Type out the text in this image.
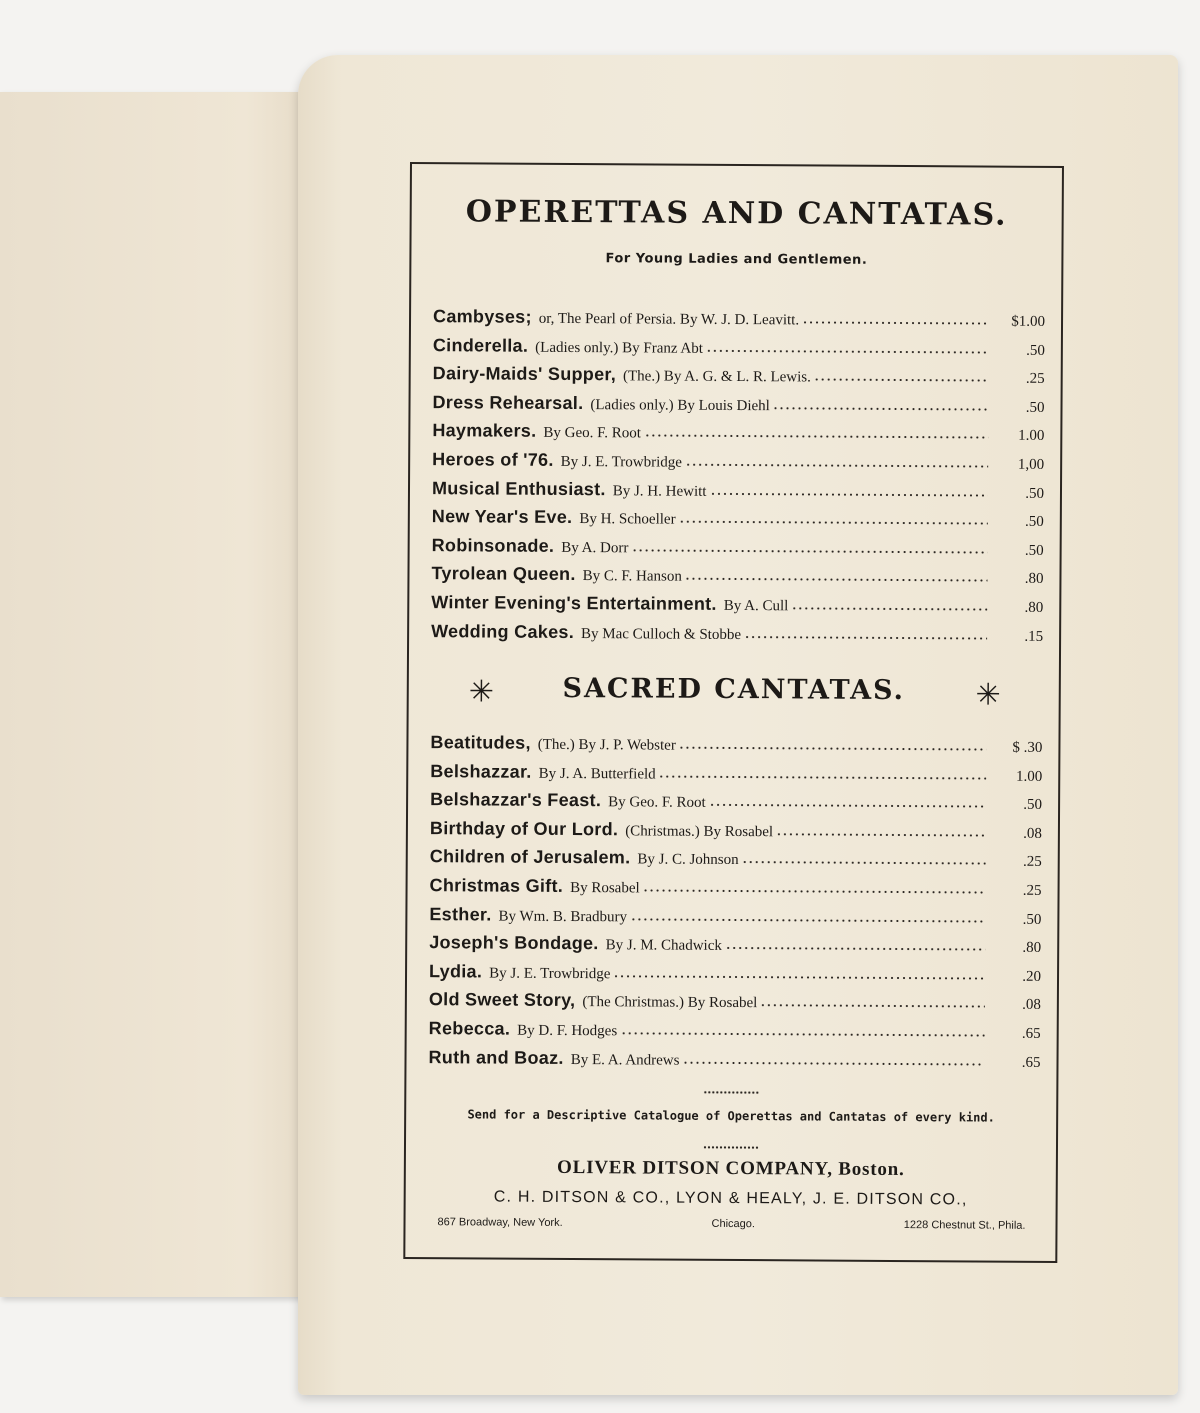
OPERETTAS AND CANTATAS.
For Young Ladies and Gentlemen.
Cambyses; or, The Pearl of Persia. By W. J. D. Leavitt.	$1.00
Cinderella. (Ladies only.) By Franz Abt	.50
Dairy-Maids' Supper, (The.) By A. G. & L. R. Lewis.	.25
Dress Rehearsal. (Ladies only.) By Louis Diehl	.50
Haymakers. By Geo. F. Root	1.00
Heroes of '76. By J. E. Trowbridge	1,00
Musical Enthusiast. By J. H. Hewitt	.50
New Year's Eve. By H. Schoeller	.50
Robinsonade. By A. Dorr	.50
Tyrolean Queen. By C. F. Hanson	.80
Winter Evening's Entertainment. By A. Cull	.80
Wedding Cakes. By Mac Culloch & Stobbe	.15
✳	SACRED CANTATAS.	✳
Beatitudes, (The.) By J. P. Webster	$ .30
Belshazzar. By J. A. Butterfield	1.00
Belshazzar's Feast. By Geo. F. Root	.50
Birthday of Our Lord. (Christmas.) By Rosabel	.08
Children of Jerusalem. By J. C. Johnson	.25
Christmas Gift. By Rosabel	.25
Esther. By Wm. B. Bradbury	.50
Joseph's Bondage. By J. M. Chadwick	.80
Lydia. By J. E. Trowbridge	.20
Old Sweet Story, (The Christmas.) By Rosabel	.08
Rebecca. By D. F. Hodges	.65
Ruth and Boaz. By E. A. Andrews	.65
Send for a Descriptive Catalogue of Operettas and Cantatas of every kind.
OLIVER DITSON COMPANY, Boston.
C. H. DITSON & CO., LYON & HEALY, J. E. DITSON CO.,
867 Broadway, New York.	Chicago.	1228 Chestnut St., Phila.
